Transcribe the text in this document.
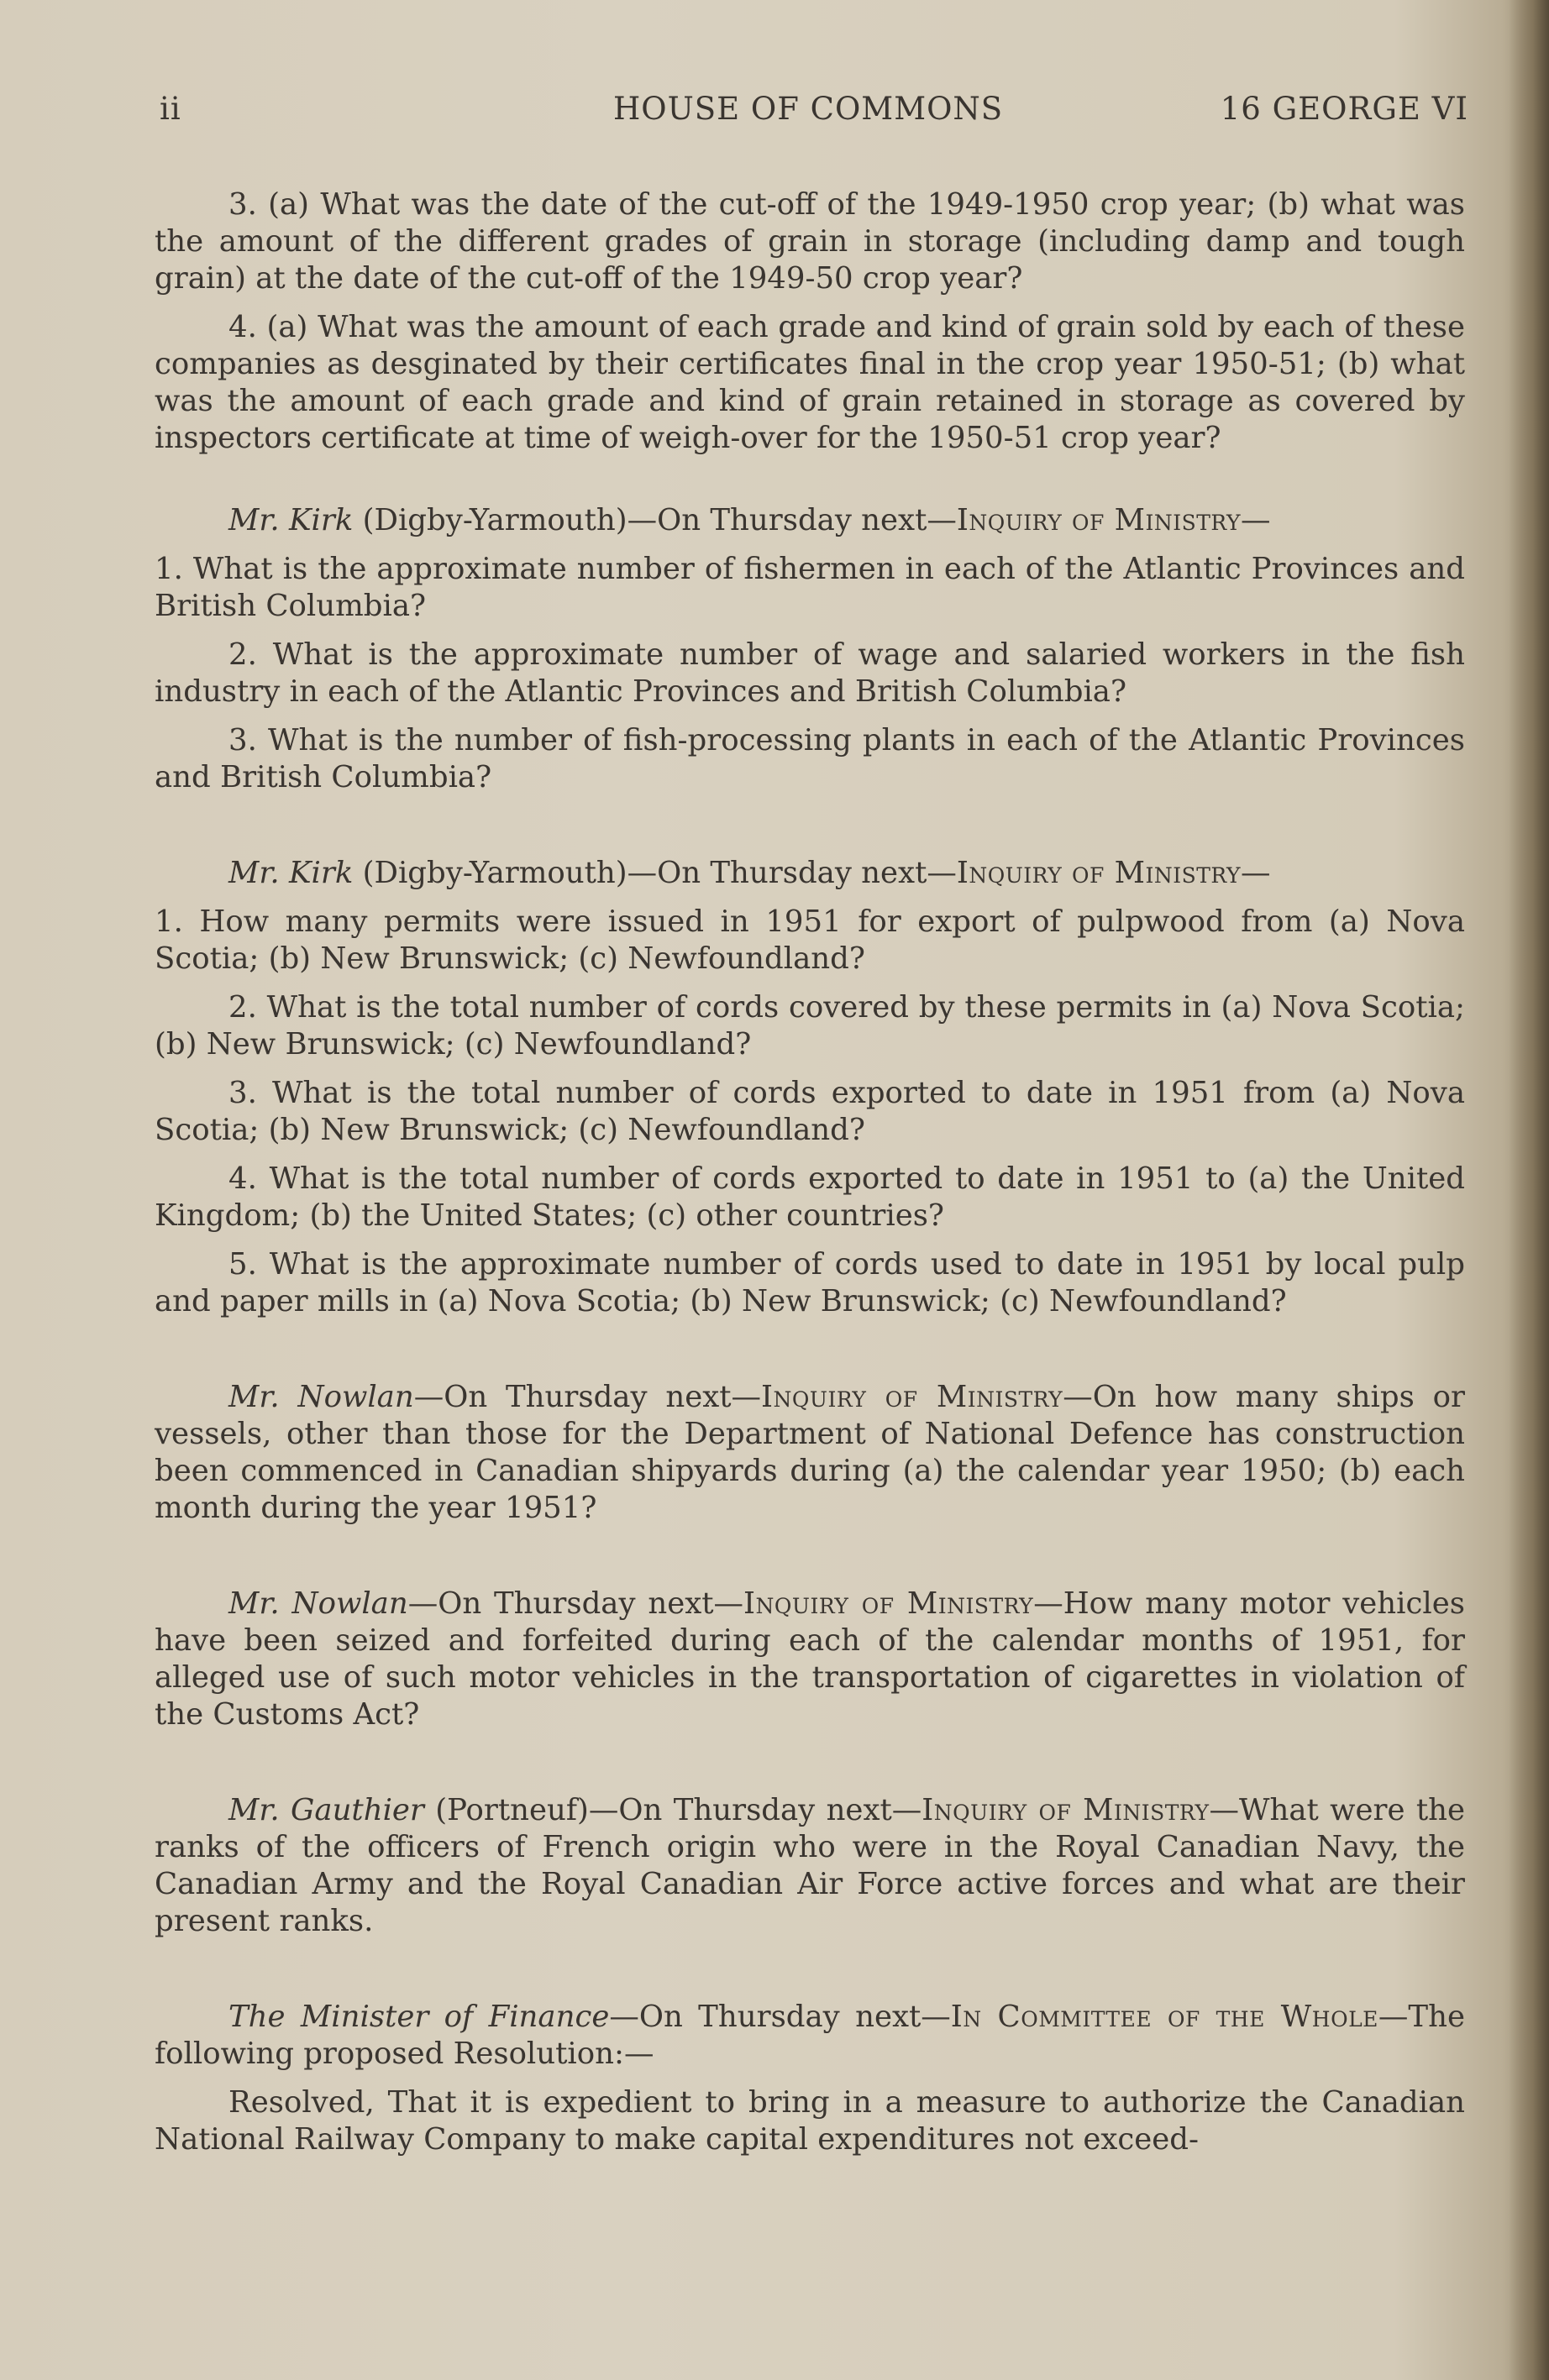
ii	HOUSE OF COMMONS	16 GEORGE VI

3. (a) What was the date of the cut-off of the 1949-1950 crop year; (b) what was the amount of the different grades of grain in storage (including damp and tough grain) at the date of the cut-off of the 1949-50 crop year?

4. (a) What was the amount of each grade and kind of grain sold by each of these companies as desginated by their certificates final in the crop year 1950-51; (b) what was the amount of each grade and kind of grain retained in storage as covered by inspectors certificate at time of weigh-over for the 1950-51 crop year?

Mr. Kirk (Digby-Yarmouth)—On Thursday next—Inquiry of Ministry—

1. What is the approximate number of fishermen in each of the Atlantic Provinces and British Columbia?

2. What is the approximate number of wage and salaried workers in the fish industry in each of the Atlantic Provinces and British Columbia?

3. What is the number of fish-processing plants in each of the Atlantic Provinces and British Columbia?

Mr. Kirk (Digby-Yarmouth)—On Thursday next—Inquiry of Ministry—

1. How many permits were issued in 1951 for export of pulpwood from (a) Nova Scotia; (b) New Brunswick; (c) Newfoundland?

2. What is the total number of cords covered by these permits in (a) Nova Scotia; (b) New Brunswick; (c) Newfoundland?

3. What is the total number of cords exported to date in 1951 from (a) Nova Scotia; (b) New Brunswick; (c) Newfoundland?

4. What is the total number of cords exported to date in 1951 to (a) the United Kingdom; (b) the United States; (c) other countries?

5. What is the approximate number of cords used to date in 1951 by local pulp and paper mills in (a) Nova Scotia; (b) New Brunswick; (c) Newfoundland?

Mr. Nowlan—On Thursday next—Inquiry of Ministry—On how many ships or vessels, other than those for the Department of National Defence has construction been commenced in Canadian shipyards during (a) the calendar year 1950; (b) each month during the year 1951?

Mr. Nowlan—On Thursday next—Inquiry of Ministry—How many motor vehicles have been seized and forfeited during each of the calendar months of 1951, for alleged use of such motor vehicles in the transportation of cigarettes in violation of the Customs Act?

Mr. Gauthier (Portneuf)—On Thursday next—Inquiry of Ministry—What were the ranks of the officers of French origin who were in the Royal Canadian Navy, the Canadian Army and the Royal Canadian Air Force active forces and what are their present ranks.

The Minister of Finance—On Thursday next—In Committee of the Whole—The following proposed Resolution:—

Resolved, That it is expedient to bring in a measure to authorize the Canadian National Railway Company to make capital expenditures not exceed-
